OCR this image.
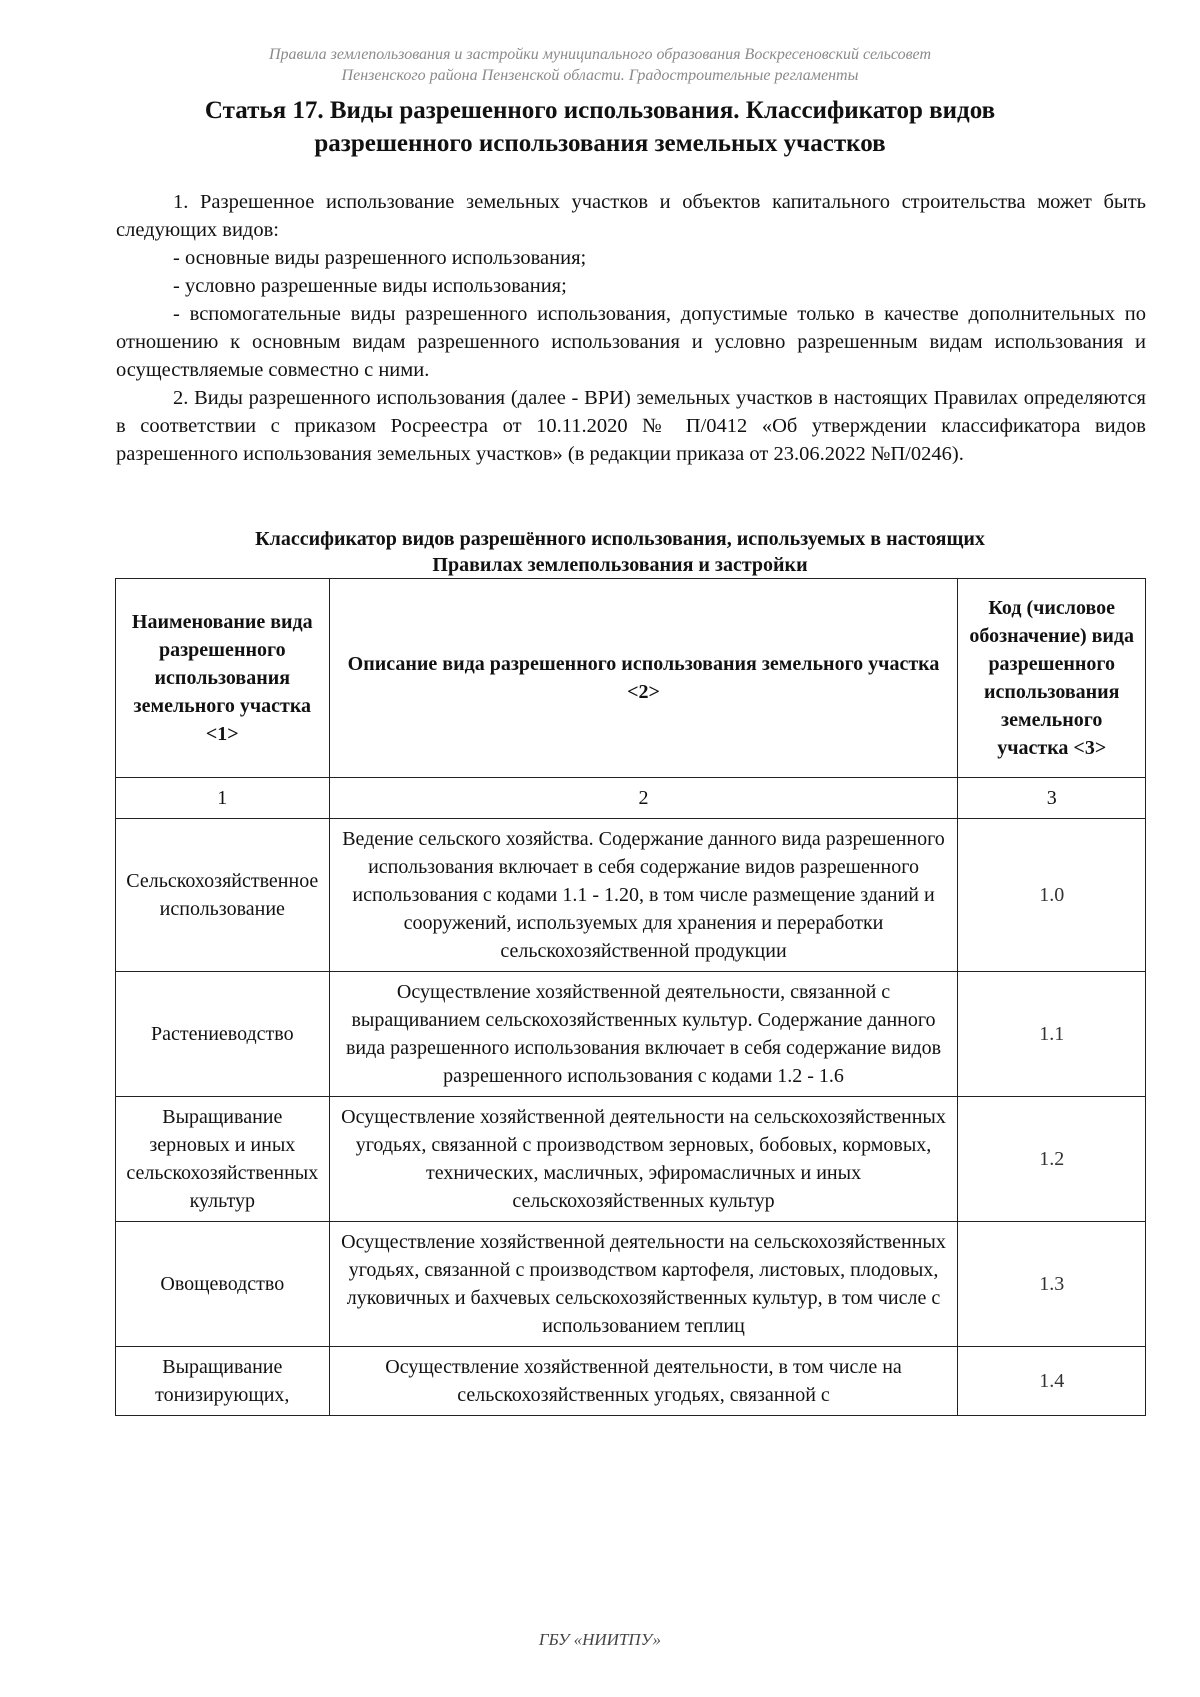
Правила землепользования и застройки муниципального образования Воскресеновский сельсовет
Пензенского района Пензенской области. Градостроительные регламенты
Статья 17. Виды разрешенного использования. Классификатор видов
разрешенного использования земельных участков

1. Разрешенное использование земельных участков и объектов капитального строительства может быть следующих видов:

- основные виды разрешенного использования;

- условно разрешенные виды использования;

- вспомогательные виды разрешенного использования, допустимые только в качестве дополнительных по отношению к основным видам разрешенного использования и условно разрешенным видам использования и осуществляемые совместно с ними.

2. Виды разрешенного использования (далее - ВРИ) земельных участков в настоящих Правилах определяются в соответствии с приказом Росреестра от 10.11.2020 № П/0412 «Об утверждении классификатора видов разрешенного использования земельных участков» (в редакции приказа от 23.06.2022 №П/0246).

Классификатор видов разрешённого использования, используемых в настоящих
Правилах землепользования и застройки
Наименование вида разрешенного использования земельного участка <1>	Описание вида разрешенного использования земельного участка <2>	Код (числовое обозначение) вида разрешенного использования земельного участка <3>
1	2	3
Сельскохозяйственное использование	Ведение сельского хозяйства. Содержание данного вида разрешенного использования включает в себя содержание видов разрешенного использования с кодами 1.1 - 1.20, в том числе размещение зданий и сооружений, используемых для хранения и переработки сельскохозяйственной продукции	1.0
Растениеводство	Осуществление хозяйственной деятельности, связанной с выращиванием сельскохозяйственных культур. Содержание данного вида разрешенного использования включает в себя содержание видов разрешенного использования с кодами 1.2 - 1.6	1.1
Выращивание зерновых и иных сельскохозяйственных культур	Осуществление хозяйственной деятельности на сельскохозяйственных угодьях, связанной с производством зерновых, бобовых, кормовых, технических, масличных, эфиромасличных и иных сельскохозяйственных культур	1.2
Овощеводство	Осуществление хозяйственной деятельности на сельскохозяйственных угодьях, связанной с производством картофеля, листовых, плодовых, луковичных и бахчевых сельскохозяйственных культур, в том числе с использованием теплиц	1.3
Выращивание тонизирующих,	Осуществление хозяйственной деятельности, в том числе на сельскохозяйственных угодьях, связанной с	1.4
ГБУ «НИИТПУ»
